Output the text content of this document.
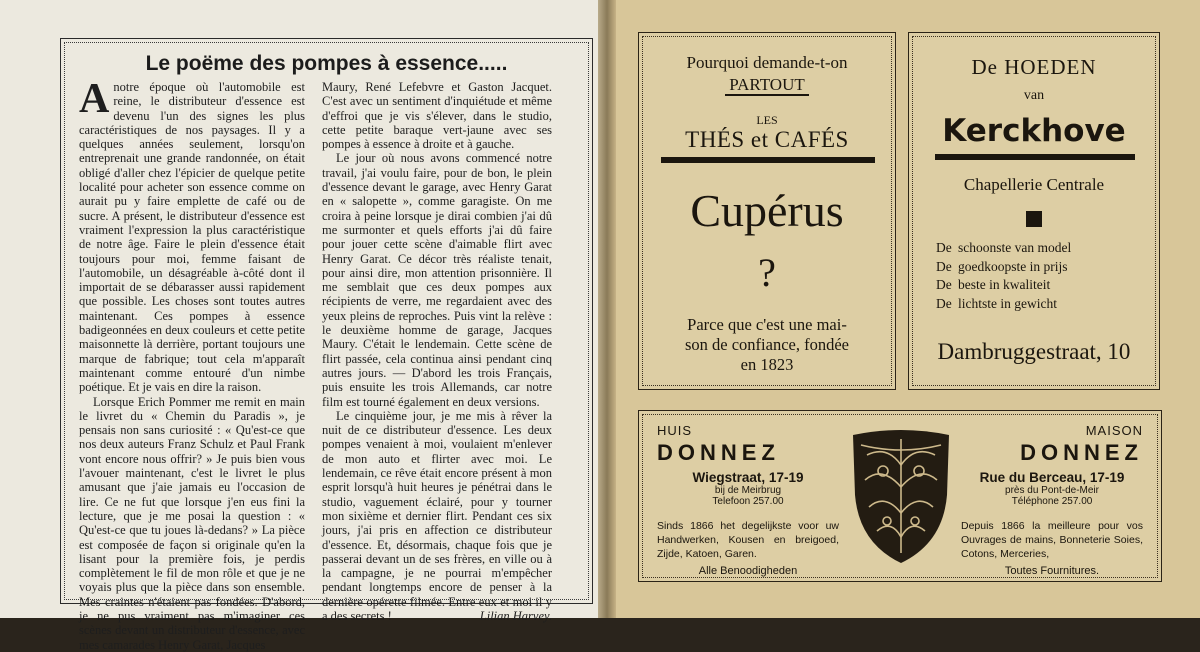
Le poëme des pompes à essence.....

Anotre époque où l'automobile est reine, le distributeur d'essence est devenu l'un des signes les plus caractéristiques de nos paysages. Il y a quelques années seulement, lorsqu'on entreprenait une grande randonnée, on était obligé d'aller chez l'épicier de quelque petite localité pour acheter son essence comme on aurait pu y faire emplette de café ou de sucre. A présent, le distributeur d'essence est vraiment l'expression la plus caractéristique de notre âge. Faire le plein d'essence était toujours pour moi, femme faisant de l'automobile, un désagréable à-côté dont il importait de se débarasser aussi rapidement que possible. Les choses sont toutes autres maintenant. Ces pompes à essence badigeonnées en deux couleurs et cette petite maisonnette là derrière, portant toujours une marque de fabrique; tout cela m'apparaît maintenant comme entouré d'un nimbe poétique. Et je vais en dire la raison.

Lorsque Erich Pommer me remit en main le livret du « Chemin du Paradis », je pensais non sans curiosité : « Qu'est-ce que nos deux auteurs Franz Schulz et Paul Frank vont encore nous offrir? » Je puis bien vous l'avouer maintenant, c'est le livret le plus amusant que j'aie jamais eu l'occasion de lire. Ce ne fut que lorsque j'en eus fini la lecture, que je me posai la question : « Qu'est-ce que tu joues là-dedans? » La pièce est composée de façon si originale qu'en la lisant pour la première fois, je perdis complètement le fil de mon rôle et que je ne voyais plus que la pièce dans son ensemble. Mes craintes n'étaient pas fondées. D'abord, je ne pus vraiment pas m'imaginer ces scènes devant un distributeur d'essence, avec mes camarades Henry Garat, Jacques

Maury, René Lefebvre et Gaston Jacquet. C'est avec un sentiment d'inquiétude et même d'effroi que je vis s'élever, dans le studio, cette petite baraque vert-jaune avec ses pompes à essence à droite et à gauche.

Le jour où nous avons commencé notre travail, j'ai voulu faire, pour de bon, le plein d'essence devant le garage, avec Henry Garat en « salopette », comme garagiste. On me croira à peine lorsque je dirai combien j'ai dû me surmonter et quels efforts j'ai dû faire pour jouer cette scène d'aimable flirt avec Henry Garat. Ce décor très réaliste tenait, pour ainsi dire, mon attention prisonnière. Il me semblait que ces deux pompes aux récipients de verre, me regardaient avec des yeux pleins de reproches. Puis vint la relève : le deuxième homme de garage, Jacques Maury. C'était le lendemain. Cette scène de flirt passée, cela continua ainsi pendant cinq autres jours. — D'abord les trois Français, puis ensuite les trois Allemands, car notre film est tourné également en deux versions.

Le cinquième jour, je me mis à rêver la nuit de ce distributeur d'essence. Les deux pompes venaient à moi, voulaient m'enlever de mon auto et flirter avec moi. Le lendemain, ce rêve était encore présent à mon esprit lorsqu'à huit heures je pénétrai dans le studio, vaguement éclairé, pour y tourner mon sixième et dernier flirt. Pendant ces six jours, j'ai pris en affection ce distributeur d'essence. Et, désormais, chaque fois que je passerai devant un de ses frères, en ville ou à la campagne, je ne pourrai m'empêcher pendant longtemps encore de penser à la dernière opérette filmée. Entre eux et moi il y a des secrets !	Lilian Harvey.
Pourquoi demande-t-on
PARTOUT
LES
THÉS et CAFÉS
Cupérus
?
Parce que c'est une mai-
son de confiance, fondée
en 1823
De HOEDEN
van
Kerckhove
Chapellerie Centrale
De schoonste van model
De goedkoopste in prijs
De beste in kwaliteit
De lichtste in gewicht
Dambruggestraat, 10
HUIS
DONNEZ
Wiegstraat, 17-19
bij de Meirbrug
Telefoon 257.00
Sinds 1866 het degelijkste voor uw Handwerken, Kousen en breigoed, Zijde, Katoen, Garen.
Alle Benoodigheden
MAISON
DONNEZ
Rue du Berceau, 17-19
près du Pont-de-Meir
Téléphone 257.00
Depuis 1866 la meilleure pour vos Ouvrages de mains, Bonneterie Soies, Cotons, Merceries,
Toutes Fournitures.
